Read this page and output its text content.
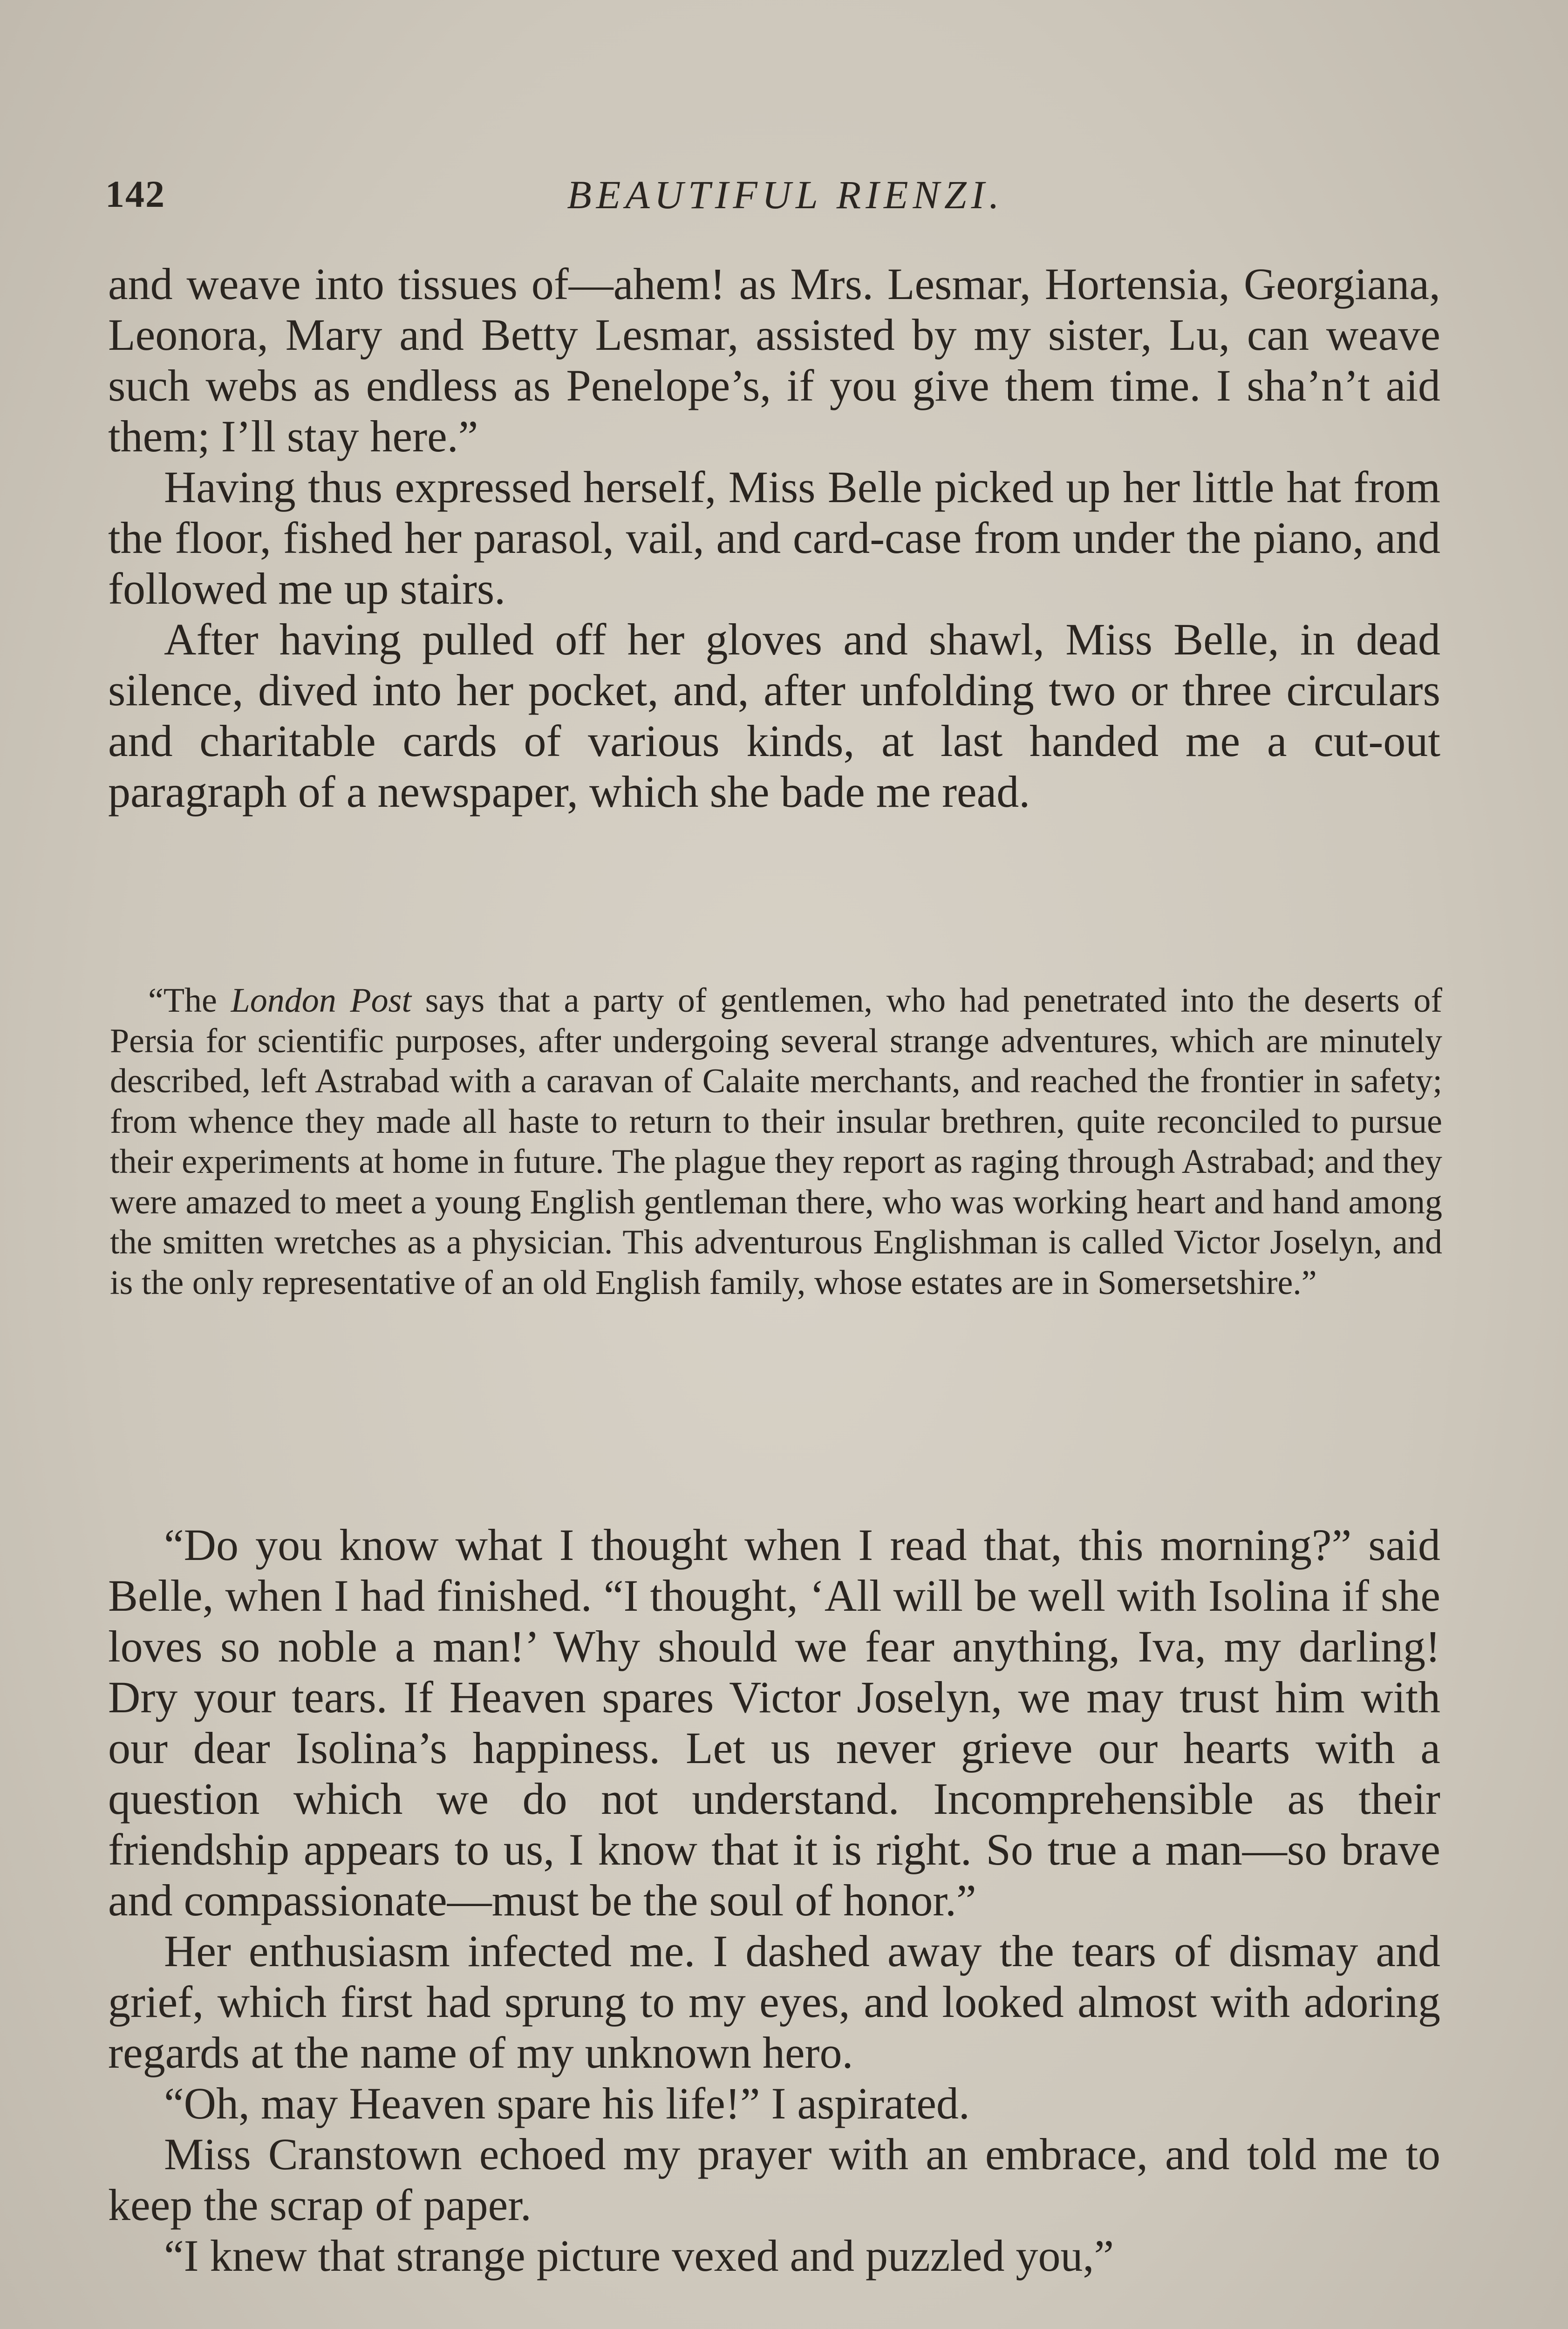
142	BEAUTIFUL RIENZI.

and weave into tissues of—ahem! as Mrs. Lesmar, Hortensia, Georgiana, Leonora, Mary and Betty Lesmar, assisted by my sister, Lu, can weave such webs as endless as Penelope’s, if you give them time. I sha’n’t aid them; I’ll stay here.”

Having thus expressed herself, Miss Belle picked up her little hat from the floor, fished her parasol, vail, and card-case from under the piano, and followed me up stairs.

After having pulled off her gloves and shawl, Miss Belle, in dead silence, dived into her pocket, and, after unfolding two or three circulars and charitable cards of various kinds, at last handed me a cut-out paragraph of a newspaper, which she bade me read.

“The London Post says that a party of gentlemen, who had penetrated into the deserts of Persia for scientific purposes, after undergoing several strange adventures, which are minutely described, left Astrabad with a caravan of Calaite merchants, and reached the frontier in safety; from whence they made all haste to return to their insular brethren, quite reconciled to pursue their experiments at home in future. The plague they report as raging through Astrabad; and they were amazed to meet a young English gentleman there, who was working heart and hand among the smitten wretches as a physician. This adventurous Englishman is called Victor Joselyn, and is the only representative of an old English family, whose estates are in Somersetshire.”

“Do you know what I thought when I read that, this morning?” said Belle, when I had finished. “I thought, ‘All will be well with Isolina if she loves so noble a man!’ Why should we fear anything, Iva, my darling! Dry your tears. If Heaven spares Victor Joselyn, we may trust him with our dear Isolina’s happiness. Let us never grieve our hearts with a question which we do not understand. Incomprehensible as their friendship appears to us, I know that it is right. So true a man—so brave and compassionate—must be the soul of honor.”

Her enthusiasm infected me. I dashed away the tears of dismay and grief, which first had sprung to my eyes, and looked almost with adoring regards at the name of my unknown hero.

“Oh, may Heaven spare his life!” I aspirated.

Miss Cranstown echoed my prayer with an embrace, and told me to keep the scrap of paper.

“I knew that strange picture vexed and puzzled you,”
